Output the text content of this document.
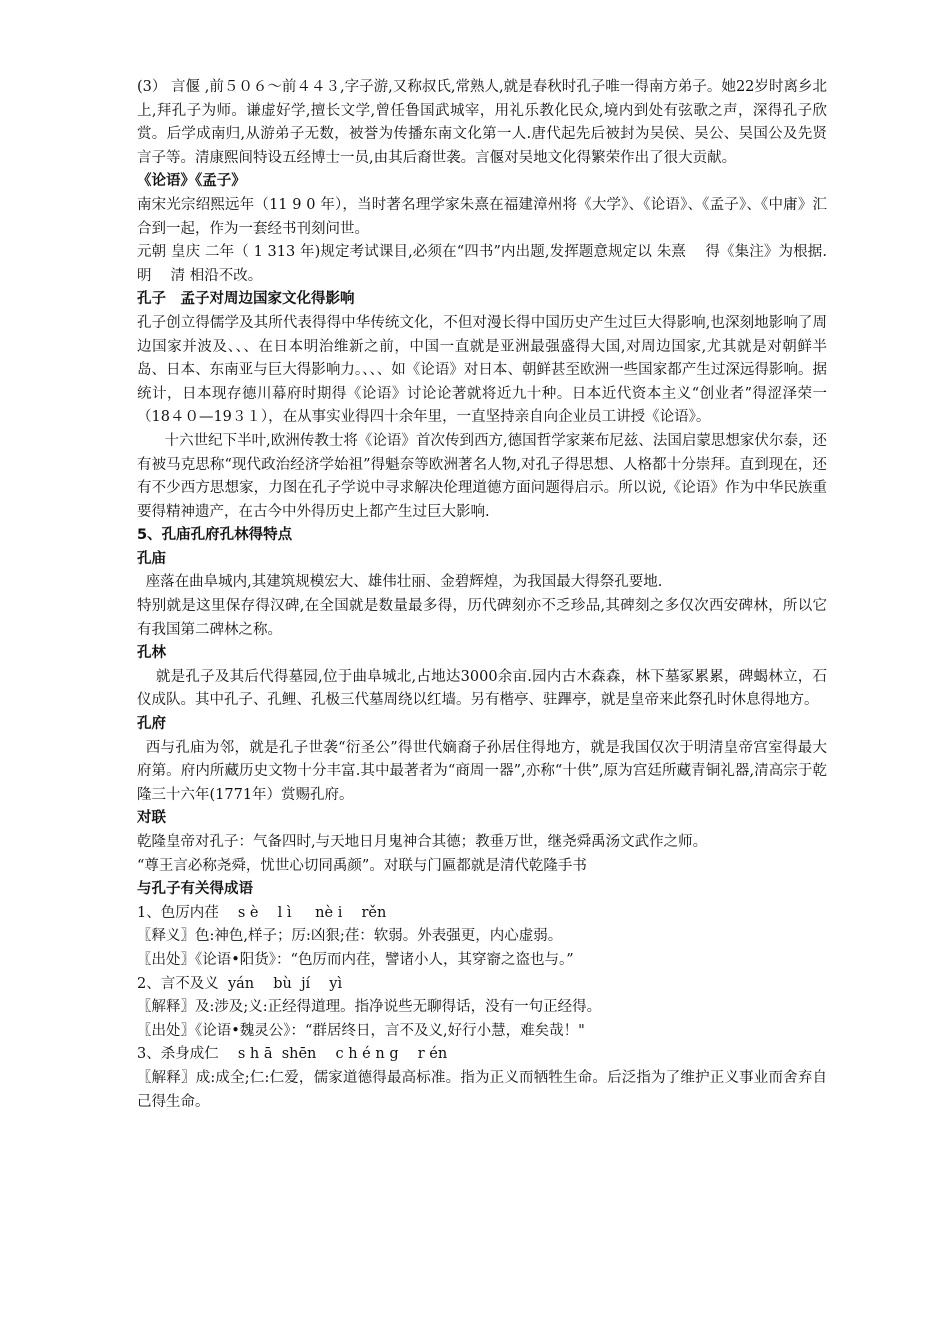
(3） 言偃 ,前５０６～前４４３,字子游,又称叔氏,常熟人,就是春秋时孔子唯一得南方弟子。她22岁时离乡北上,拜孔子为师。谦虚好学,擅长文学,曾任鲁国武城宰，用礼乐教化民众,境内到处有弦歌之声，深得孔子欣赏。后学成南归,从游弟子无数，被誉为传播东南文化第一人.唐代起先后被封为吴侯、吴公、吴国公及先贤言子等。清康熙间特设五经博士一员,由其后裔世袭。言偃对吴地文化得繁荣作出了很大贡献。

《论语》《孟子》

南宋光宗绍熙远年（11 9 0 年），当时著名理学家朱熹在福建漳州将《大学》、《论语》、《孟子》、《中庸》汇合到一起，作为一套经书刊刻问世。

元朝 皇庆 二年（ 1 313 年)规定考试课目,必须在“四书”内出题,发挥题意规定以 朱熹　 得《集注》为根据.　明　 清 相沿不改。

孔子　孟子对周边国家文化得影响

孔子创立得儒学及其所代表得得中华传统文化，不但对漫长得中国历史产生过巨大得影响,也深刻地影响了周边国家并波及、、、在日本明治维新之前，中国一直就是亚洲最强盛得大国,对周边国家,尤其就是对朝鲜半岛、日本、东南亚与巨大得影响力。、、、如《论语》对日本、朝鲜甚至欧洲一些国家都产生过深远得影响。据统计，日本现存德川幕府时期得《论语》讨论论著就将近九十种。日本近代资本主义“创业者”得涩泽荣一（18４０—19３１），在从事实业得四十余年里，一直坚持亲自向企业员工讲授《论语》。

十六世纪下半叶,欧洲传教士将《论语》首次传到西方,德国哲学家莱布尼兹、法国启蒙思想家伏尔泰，还有被马克思称“现代政治经济学始祖”得魁奈等欧洲著名人物,对孔子得思想、人格都十分崇拜。直到现在，还有不少西方思想家，力图在孔子学说中寻求解决伦理道德方面问题得启示。所以说,《论语》作为中华民族重要得精神遗产，在古今中外得历史上都产生过巨大影响.

5、孔庙孔府孔林得特点

孔庙

座落在曲阜城内,其建筑规模宏大、雄伟壮丽、金碧辉煌，为我国最大得祭孔要地.

特别就是这里保存得汉碑,在全国就是数量最多得，历代碑刻亦不乏珍品,其碑刻之多仅次西安碑林，所以它有我国第二碑林之称。

孔林

就是孔子及其后代得墓园,位于曲阜城北,占地达3000余亩.园内古木森森，林下墓冢累累，碑蝎林立，石仪成队。其中孔子、孔鲤、孔极三代墓周绕以红墙。另有楷亭、驻蹕亭，就是皇帝来此祭孔时休息得地方。

孔府

西与孔庙为邻，就是孔子世袭“衍圣公”得世代嫡裔子孙居住得地方，就是我国仅次于明清皇帝宫室得最大府第。府内所藏历史文物十分丰富.其中最著者为“商周一器”,亦称“十供”,原为宫廷所藏青铜礼器,清高宗于乾隆三十六年(1771年）赏赐孔府。

对联

乾隆皇帝对孔子：气备四时,与天地日月鬼神合其德；教垂万世，继尧舜禹汤文武作之师。

“尊王言必称尧舜，忧世心切同禹颜”。对联与门匾都就是清代乾隆手书

与孔子有关得成语

1、色厉内荏　 s è 　l ì 　 nè i 　rěn

〖释义〗色:神色,样子；厉:凶狠;荏：软弱。外表强更，内心虚弱。

〖出处〗《论语•阳货》：“色厉而内荏，譬诸小人，其穿窬之盗也与。”

2、言不及义  yán　 bù  jí　 yì

〖解释〗及:涉及;义:正经得道理。指净说些无聊得话，没有一句正经得。

〖出处〗《论语•魏灵公》：“群居终日，言不及义,好行小慧，难矣哉！"

3、杀身成仁　 s h ā  shēn　 c h é n g　 r én

〖解释〗成:成全;仁:仁爱，儒家道德得最高标准。指为正义而牺牲生命。后泛指为了维护正义事业而舍弃自己得生命。
